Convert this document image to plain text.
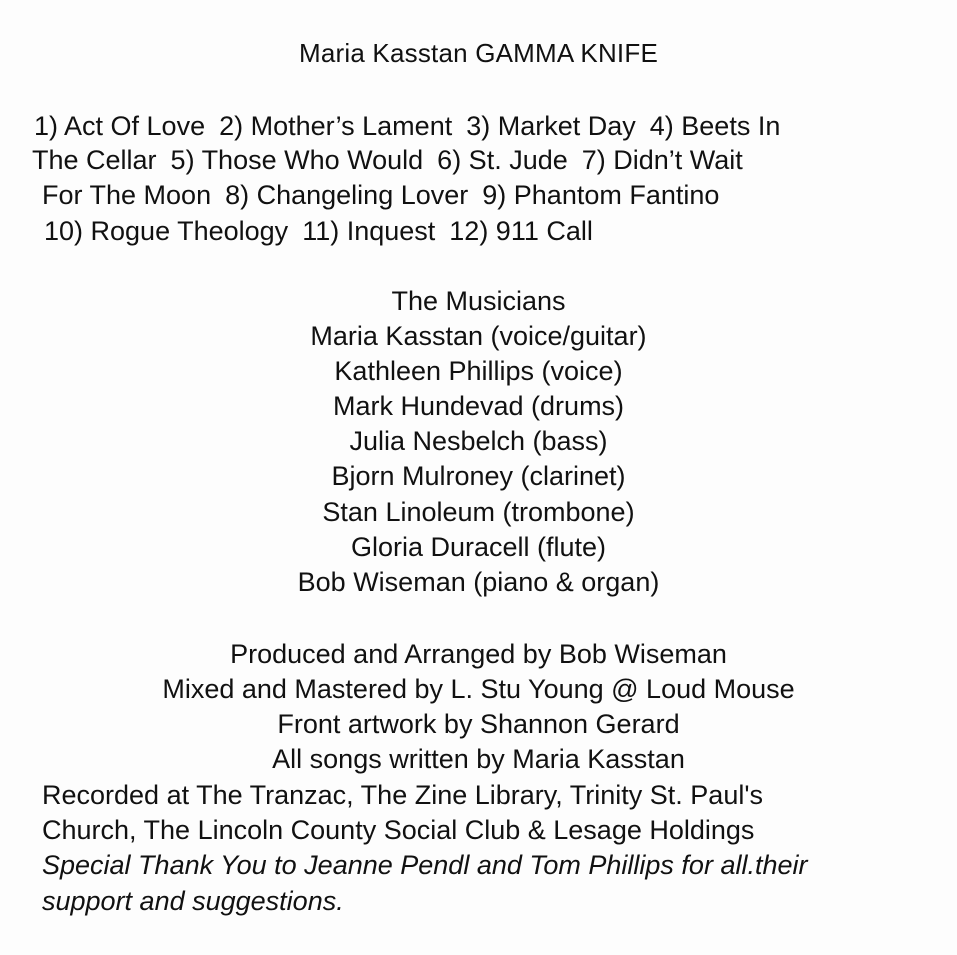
Maria Kasstan GAMMA KNIFE
1) Act Of Love 2) Mother’s Lament 3) Market Day 4) Beets In
The Cellar 5) Those Who Would 6) St. Jude 7) Didn’t Wait
For The Moon 8) Changeling Lover 9) Phantom Fantino
10) Rogue Theology 11) Inquest 12) 911 Call
The Musicians
Maria Kasstan (voice/guitar)
Kathleen Phillips (voice)
Mark Hundevad (drums)
Julia Nesbelch (bass)
Bjorn Mulroney (clarinet)
Stan Linoleum (trombone)
Gloria Duracell (flute)
Bob Wiseman (piano & organ)
Produced and Arranged by Bob Wiseman
Mixed and Mastered by L. Stu Young @ Loud Mouse
Front artwork by Shannon Gerard
All songs written by Maria Kasstan
Recorded at The Tranzac, The Zine Library, Trinity St. Paul's
Church, The Lincoln County Social Club & Lesage Holdings
Special Thank You to Jeanne Pendl and Tom Phillips for all.their
support and suggestions.
